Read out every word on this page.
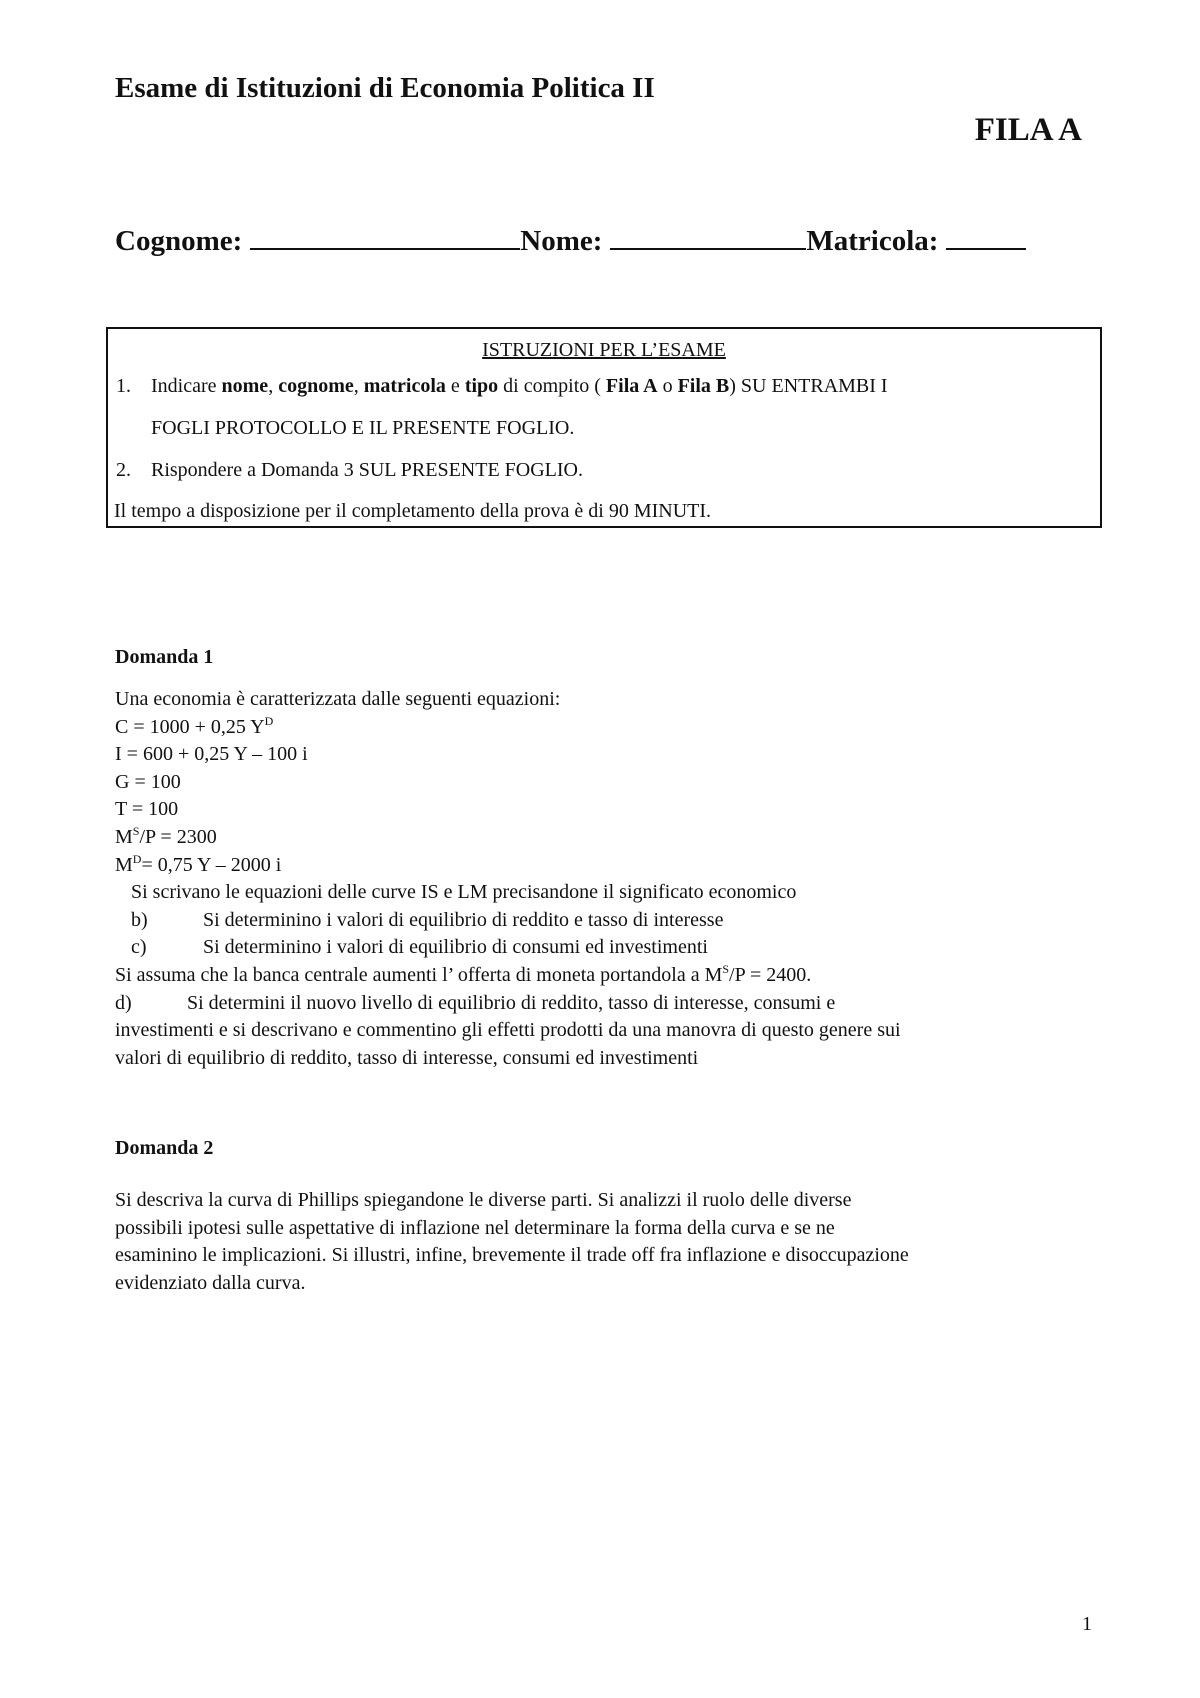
Esame di Istituzioni di Economia Politica II
FILA A
Cognome:	Nome:	Matricola:
ISTRUZIONI PER L’ESAME
1.	Indicare nome, cognome, matricola e tipo di compito ( Fila A o Fila B) SU ENTRAMBI I
FOGLI PROTOCOLLO E IL PRESENTE FOGLIO.
2.	Rispondere a Domanda 3 SUL PRESENTE FOGLIO.
Il tempo a disposizione per il completamento della prova è di 90 MINUTI.
Domanda 1
Una economia è caratterizzata dalle seguenti equazioni:
C = 1000 + 0,25 $Y^D$
I = 600 + 0,25 Y – 100 i
G = 100
T = 100
$M^S/P = 2300$
$M^D= 0,75$ Y – 2000 i
Si scrivano le equazioni delle curve IS e LM precisandone il significato economico
b)	Si determinino i valori di equilibrio di reddito e tasso di interesse
c)	Si determinino i valori di equilibrio di consumi ed investimenti
Si assuma che la banca centrale aumenti l’ offerta di moneta portandola a $M^S/P = 2400$.
d)	Si determini il nuovo livello di equilibrio di reddito, tasso di interesse, consumi e
investimenti e si descrivano e commentino gli effetti prodotti da una manovra di questo genere sui
valori di equilibrio di reddito, tasso di interesse, consumi ed investimenti
Domanda 2
Si descriva la curva di Phillips spiegandone le diverse parti. Si analizzi il ruolo delle diverse
possibili ipotesi sulle aspettative di inflazione nel determinare la forma della curva e se ne
esaminino le implicazioni. Si illustri, infine, brevemente il trade off fra inflazione e disoccupazione
evidenziato dalla curva.
1
